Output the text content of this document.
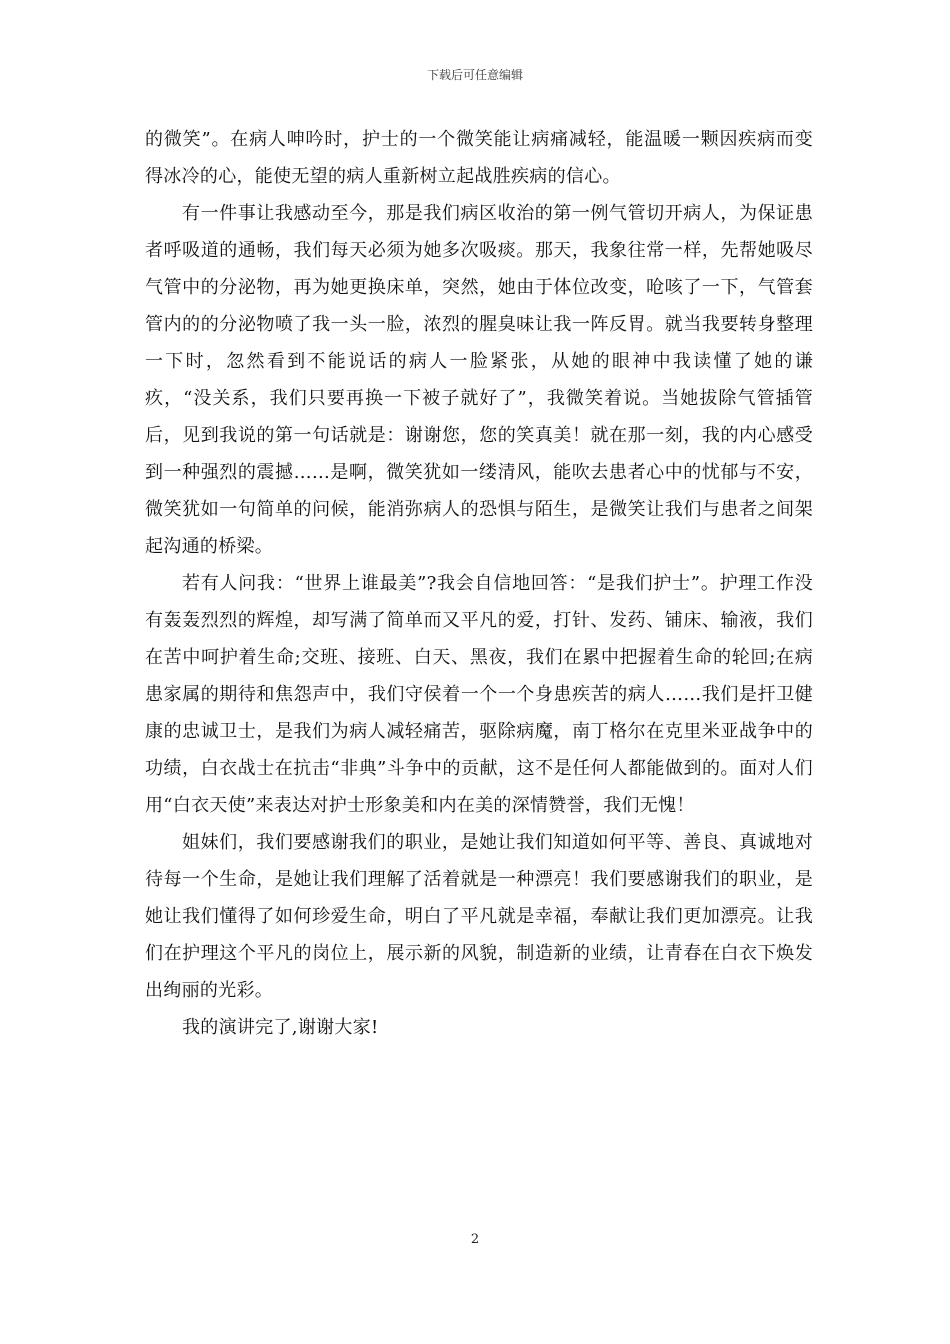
下载后可任意编辑

的微笑”。在病人呻吟时，护士的一个微笑能让病痛减轻，能温暖一颗因疾病而变得冰冷的心，能使无望的病人重新树立起战胜疾病的信心。

有一件事让我感动至今，那是我们病区收治的第一例气管切开病人，为保证患者呼吸道的通畅，我们每天必须为她多次吸痰。那天，我象往常一样，先帮她吸尽气管中的分泌物，再为她更换床单，突然，她由于体位改变，呛咳了一下，气管套管内的的分泌物喷了我一头一脸，浓烈的腥臭味让我一阵反胃。就当我要转身整理一下时，忽然看到不能说话的病人一脸紧张，从她的眼神中我读懂了她的谦疚，“没关系，我们只要再换一下被子就好了”，我微笑着说。当她拔除气管插管后，见到我说的第一句话就是：谢谢您，您的笑真美！就在那一刻，我的内心感受到一种强烈的震撼……是啊，微笑犹如一缕清风，能吹去患者心中的忧郁与不安，微笑犹如一句简单的问候，能消弥病人的恐惧与陌生，是微笑让我们与患者之间架起沟通的桥梁。

若有人问我：“世界上谁最美”?我会自信地回答：“是我们护士”。护理工作没有轰轰烈烈的辉煌，却写满了简单而又平凡的爱，打针、发药、铺床、输液，我们在苦中呵护着生命;交班、接班、白天、黑夜，我们在累中把握着生命的轮回;在病患家属的期待和焦怨声中，我们守侯着一个一个身患疾苦的病人……我们是扞卫健康的忠诚卫士，是我们为病人减轻痛苦，驱除病魔，南丁格尔在克里米亚战争中的功绩，白衣战士在抗击“非典”斗争中的贡献，这不是任何人都能做到的。面对人们用“白衣天使”来表达对护士形象美和内在美的深情赞誉，我们无愧！

姐妹们，我们要感谢我们的职业，是她让我们知道如何平等、善良、真诚地对待每一个生命，是她让我们理解了活着就是一种漂亮！我们要感谢我们的职业，是她让我们懂得了如何珍爱生命，明白了平凡就是幸福，奉献让我们更加漂亮。让我们在护理这个平凡的岗位上，展示新的风貌，制造新的业绩，让青春在白衣下焕发出绚丽的光彩。

我的演讲完了,谢谢大家!

2
